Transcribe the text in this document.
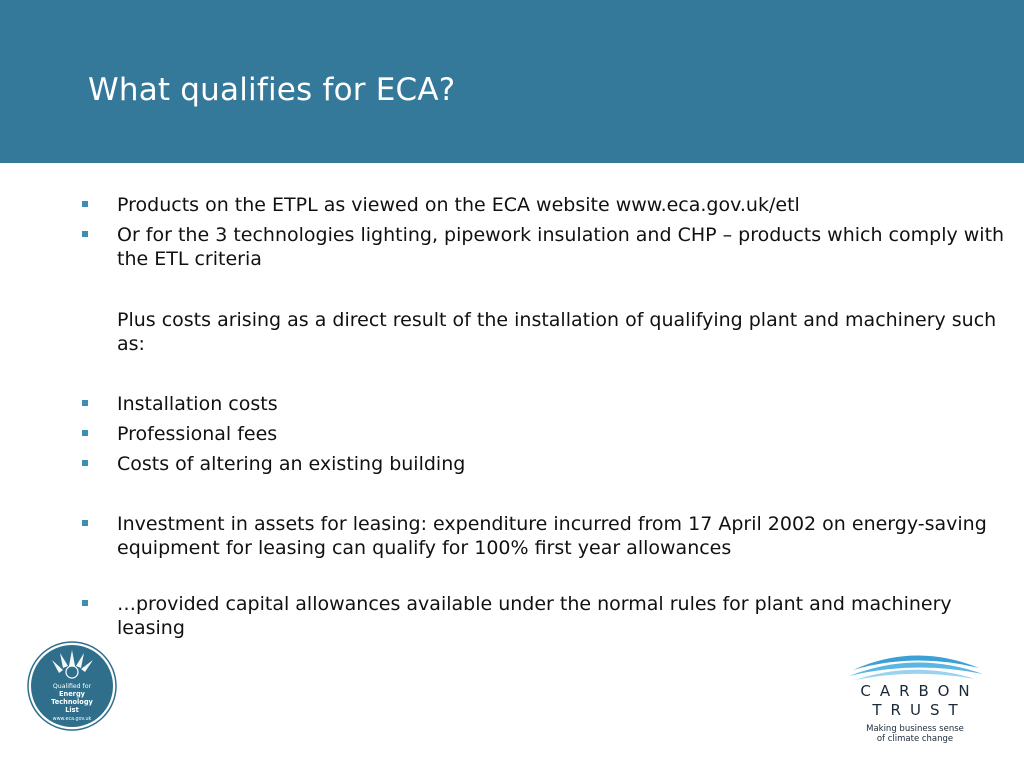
What qualifies for ECA?
Products on the ETPL as viewed on the ECA website www.eca.gov.uk/etl
Or for the 3 technologies lighting, pipework insulation and CHP – products which comply with the ETL criteria
Plus costs arising as a direct result of the installation of qualifying plant and machinery such as:
Installation costs
Professional fees
Costs of altering an existing building
Investment in assets for leasing: expenditure incurred from 17 April 2002 on energy-saving equipment for leasing can qualify for 100% first year allowances
…provided capital allowances available under the normal rules for plant and machinery leasing
Qualified for
Energy
Technology
List
www.eca.gov.uk
CARBON
TRUST
Making business sense
of climate change
